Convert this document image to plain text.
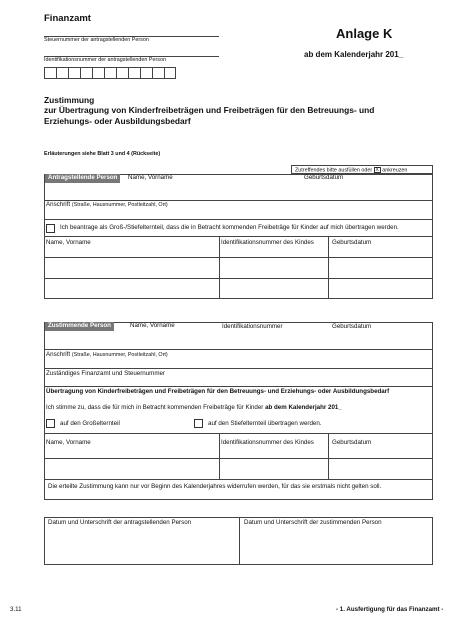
Finanzamt
Steuernummer der antragstellenden Person
Identifikationsnummer der antragstellenden Person
Anlage K
ab dem Kalenderjahr 201_
Zustimmung
zur Übertragung von Kinderfreibeträgen und Freibeträgen für den Betreuungs- und
Erziehungs- oder Ausbildungsbedarf
Erläuterungen siehe Blatt 3 und 4 (Rückseite)
Zutreffendes bitte ausfüllen oder X ankreuzen
Antragstellende Person	Name, Vorname	Geburtsdatum
Anschrift (Straße, Hausnummer, Postleitzahl, Ort)
Ich beantrage als Groß-/Stiefelternteil, dass die in Betracht kommenden Freibeträge für Kinder auf mich übertragen werden.
Name, Vorname	Identifikationsnummer des Kindes	Geburtsdatum
Zustimmende Person	Name, Vorname	Identifikationsnummer	Geburtsdatum
Anschrift (Straße, Hausnummer, Postleitzahl, Ort)
Zuständiges Finanzamt und Steuernummer
Übertragung von Kinderfreibeträgen und Freibeträgen für den Betreuungs- und Erziehungs- oder Ausbildungsbedarf
Ich stimme zu, dass die für mich in Betracht kommenden Freibeträge für Kinder ab dem Kalenderjahr 201_
auf den Großelternteil	auf den Stiefelternteil übertragen werden.
Name, Vorname	Identifikationsnummer des Kindes	Geburtsdatum
Die erteilte Zustimmung kann nur vor Beginn des Kalenderjahres widerrufen werden, für das sie erstmals nicht gelten soll.
Datum und Unterschrift der antragstellenden Person	Datum und Unterschrift der zustimmenden Person
3.11	- 1. Ausfertigung für das Finanzamt -
